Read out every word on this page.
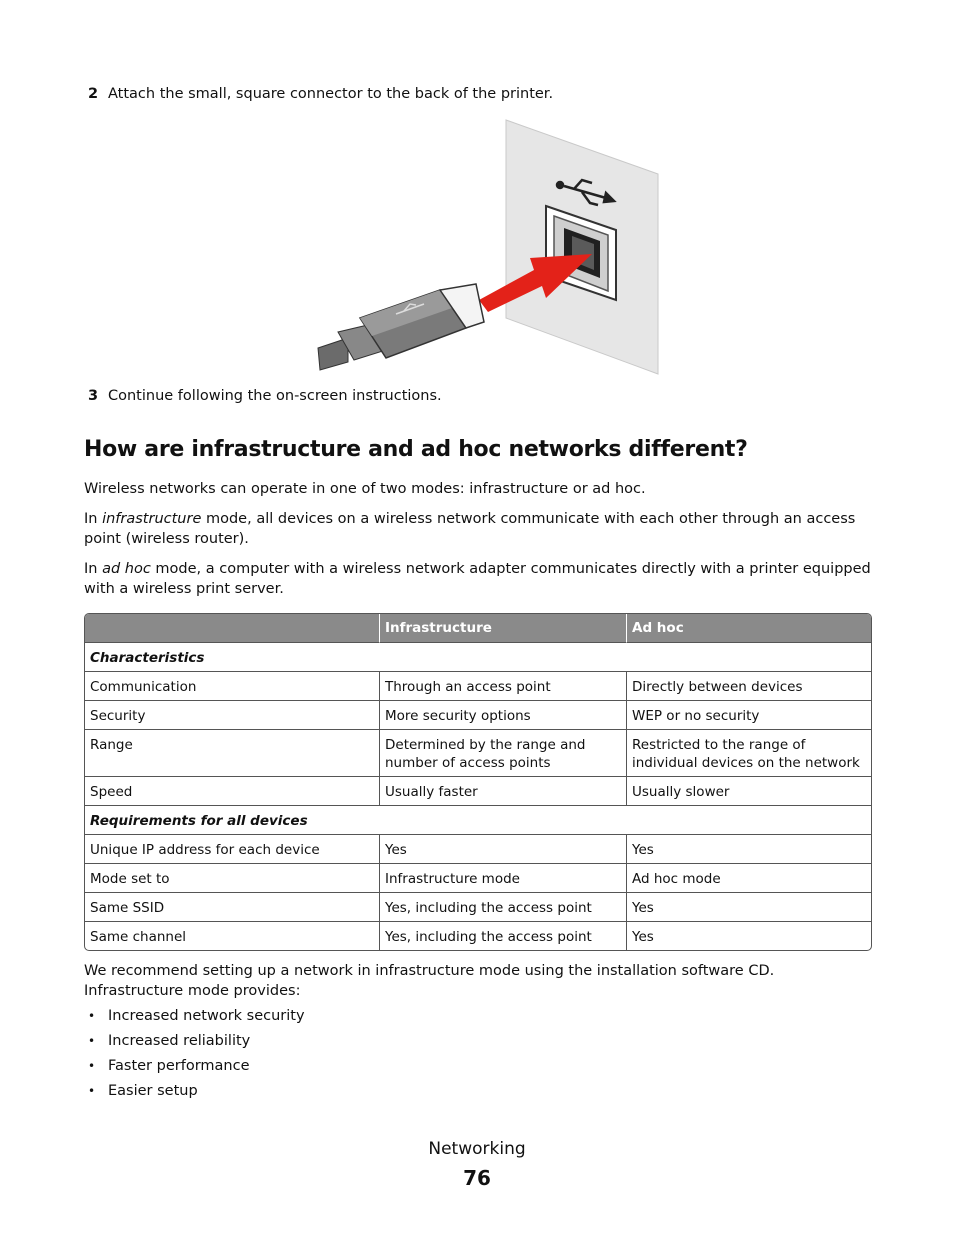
2 Attach the small, square connector to the back of the printer.
3 Continue following the on-screen instructions.
How are infrastructure and ad hoc networks different?

Wireless networks can operate in one of two modes: infrastructure or ad hoc.

In infrastructure mode, all devices on a wireless network communicate with each other through an access point (wireless router).

In ad hoc mode, a computer with a wireless network adapter communicates directly with a printer equipped with a wireless print server.

	Infrastructure	Ad hoc
Characteristics		
Communication	Through an access point	Directly between devices
Security	More security options	WEP or no security
Range	Determined by the range and number of access points	Restricted to the range of individual devices on the network
Speed	Usually faster	Usually slower
Requirements for all devices		
Unique IP address for each device	Yes	Yes
Mode set to	Infrastructure mode	Ad hoc mode
Same SSID	Yes, including the access point	Yes
Same channel	Yes, including the access point	Yes

We recommend setting up a network in infrastructure mode using the installation software CD. Infrastructure mode provides:

• Increased network security
• Increased reliability
• Faster performance
• Easier setup
Networking
76
